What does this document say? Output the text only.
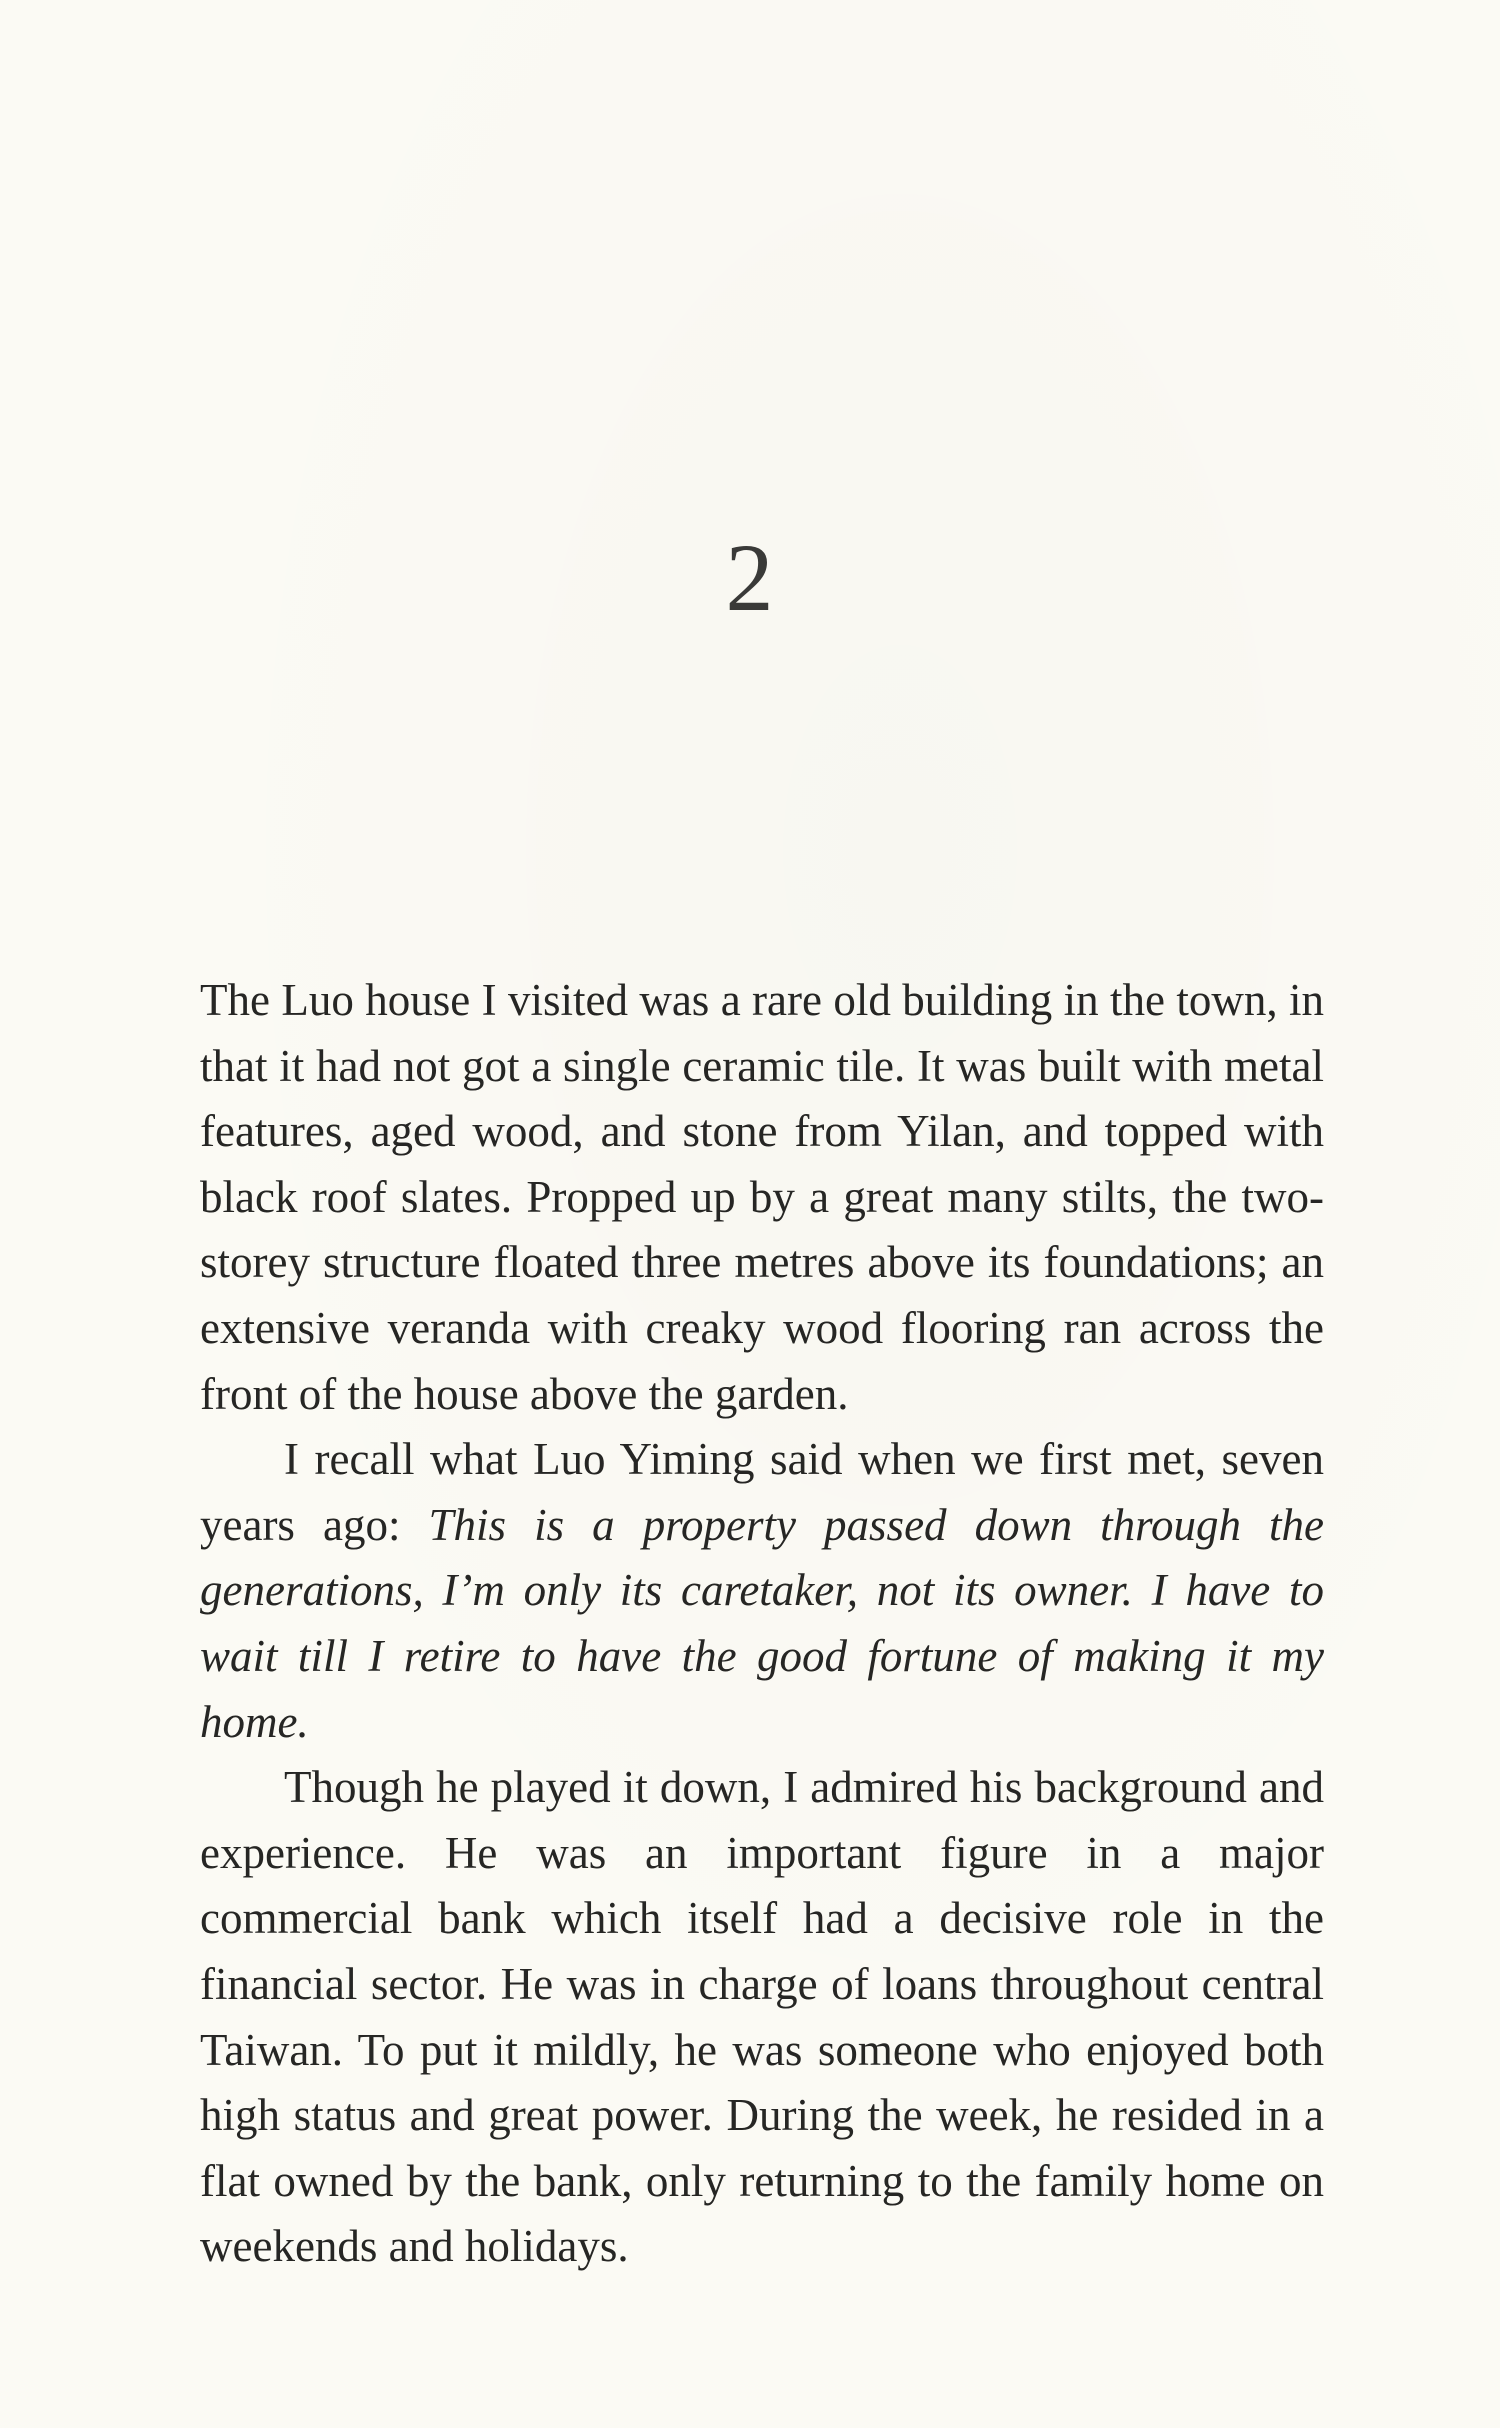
2

The Luo house I visited was a rare old building in the town, in that it had not got a single ceramic tile. It was built with metal features, aged wood, and stone from Yilan, and topped with black roof slates. Propped up by a great many stilts, the two-storey structure floated three metres above its foundations; an extensive veranda with creaky wood flooring ran across the front of the house above the garden.

I recall what Luo Yiming said when we first met, seven years ago: This is a property passed down through the generations, I’m only its caretaker, not its owner. I have to wait till I retire to have the good fortune of making it my home.

Though he played it down, I admired his background and experience. He was an important figure in a major commercial bank which itself had a decisive role in the financial sector. He was in charge of loans throughout central Taiwan. To put it mildly, he was someone who enjoyed both high status and great power. During the week, he resided in a flat owned by the bank, only returning to the family home on weekends and holidays.
